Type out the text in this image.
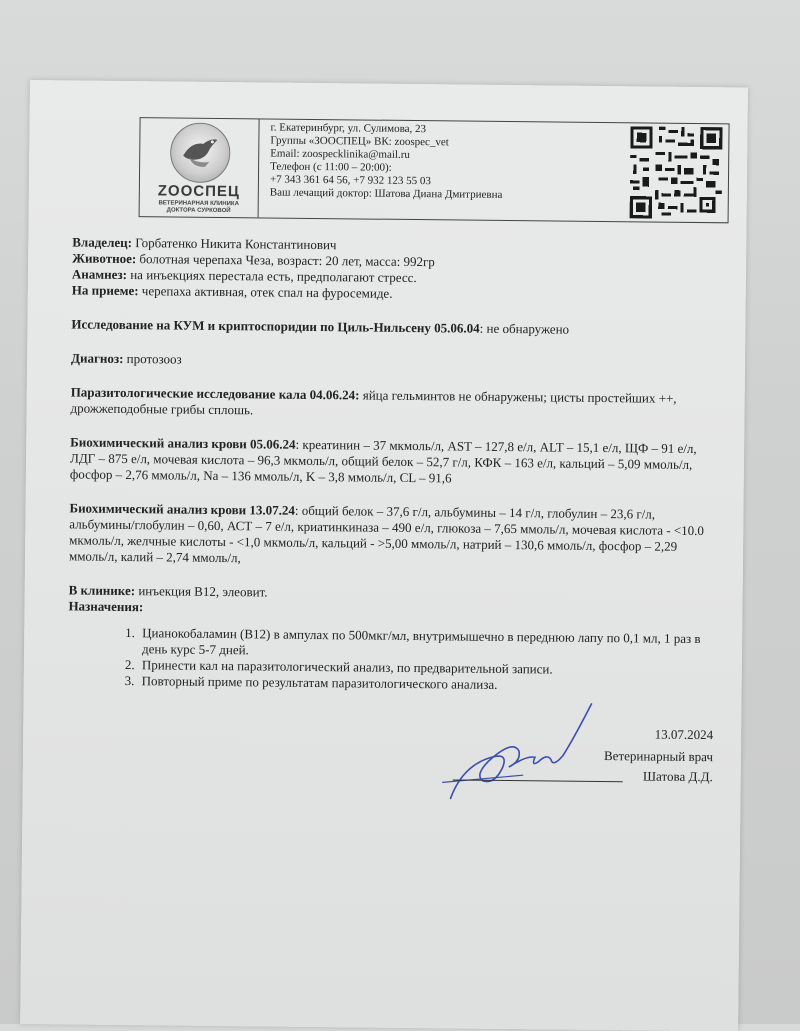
ZOOСПЕЦ
ВЕТЕРИНАРНАЯ КЛИНИКА
ДОКТОРА СУРКОВОЙ
г. Екатеринбург, ул. Сулимова, 23
Группы «ЗООСПЕЦ» ВК: zoospec_vet
Email: zoospecklinika@mail.ru
Телефон (с 11:00 – 20:00):
+7 343 361 64 56, +7 932 123 55 03
Ваш лечащий доктор: Шатова Диана Дмитриевна

Владелец: Горбатенко Никита Константинович

Животное: болотная черепаха Чеза, возраст: 20 лет, масса: 992гр

Анамнез: на инъекциях перестала есть, предполагают стресс.

На приеме: черепаха активная, отек спал на фуросемиде.

Исследование на КУМ и криптоспоридии по Циль-Нильсену 05.06.04: не обнаружено

Диагноз: протозооз

Паразитологические исследование кала 04.06.24: яйца гельминтов не обнаружены; цисты простейших ++, дрожжеподобные грибы сплошь.

Биохимический анализ крови 05.06.24: креатинин – 37 мкмоль/л, AST – 127,8 е/л, ALT – 15,1 е/л, ЩФ – 91 е/л, ЛДГ – 875 е/л, мочевая кислота – 96,3 мкмоль/л, общий белок – 52,7 г/л, КФК – 163 е/л, кальций – 5,09 ммоль/л, фосфор – 2,76 ммоль/л, Na – 136 ммоль/л, K – 3,8 ммоль/л, CL – 91,6

Биохимический анализ крови 13.07.24: общий белок – 37,6 г/л, альбумины – 14 г/л, глобулин – 23,6 г/л, альбумины/глобулин – 0,60, АСТ – 7 е/л, криатинкиназа – 490 е/л, глюкоза – 7,65 ммоль/л, мочевая кислота - <10.0 мкмоль/л, желчные кислоты - <1,0 мкмоль/л, кальций - >5,00 ммоль/л, натрий – 130,6 ммоль/л, фосфор – 2,29 ммоль/л, калий – 2,74 ммоль/л,

В клинике: инъекция В12, элеовит.

Назначения:

1. Цианокобаламин (В12) в ампулах по 500мкг/мл, внутримышечно в переднюю лапу по 0,1 мл, 1 раз в день курс 5-7 дней.
2. Принести кал на паразитологический анализ, по предварительной записи.
3. Повторный приме по результатам паразитологического анализа.
13.07.2024
Ветеринарный врач
Шатова Д.Д.
